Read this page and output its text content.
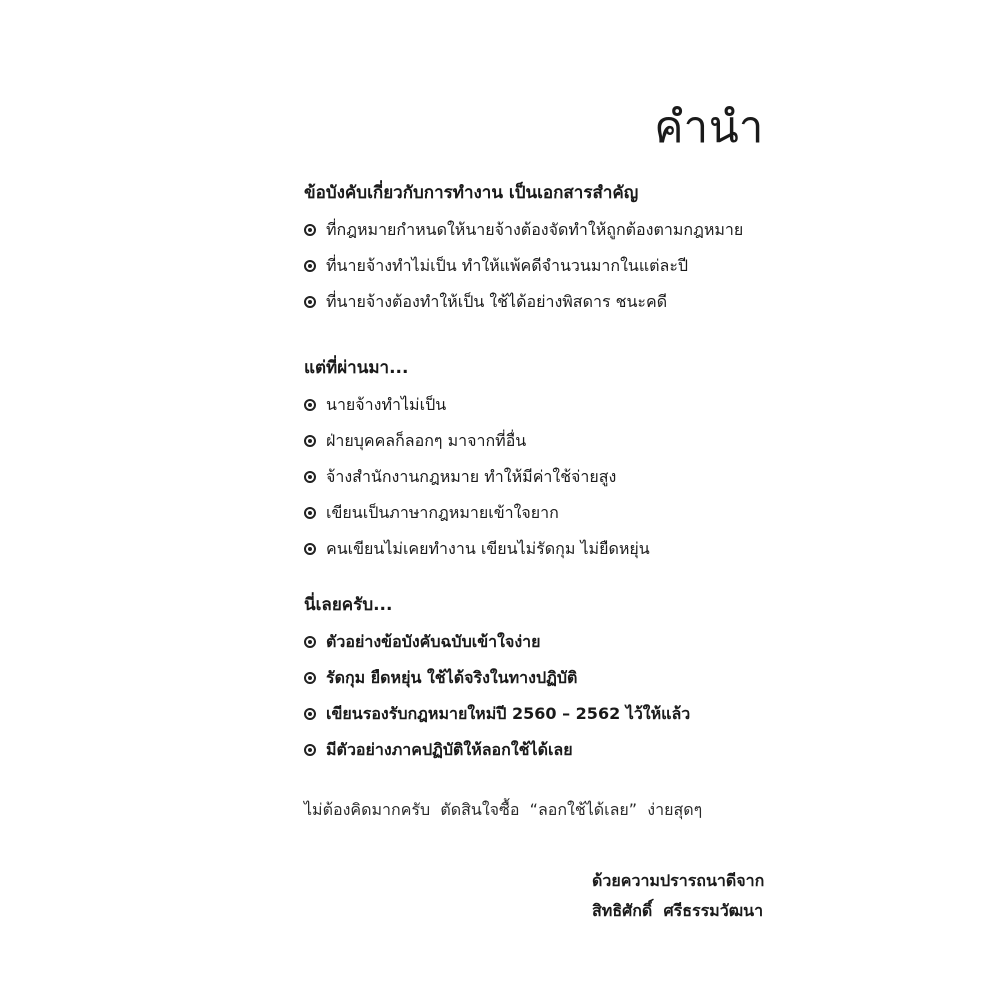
คำนำ
ข้อบังคับเกี่ยวกับการทำงาน เป็นเอกสารสำคัญ
ที่กฎหมายกำหนดให้นายจ้างต้องจัดทำให้ถูกต้องตามกฎหมาย
ที่นายจ้างทำไม่เป็น ทำให้แพ้คดีจำนวนมากในแต่ละปี
ที่นายจ้างต้องทำให้เป็น ใช้ได้อย่างพิสดาร ชนะคดี
แต่ที่ผ่านมา...
นายจ้างทำไม่เป็น
ฝ่ายบุคคลก็ลอกๆ มาจากที่อื่น
จ้างสำนักงานกฎหมาย ทำให้มีค่าใช้จ่ายสูง
เขียนเป็นภาษากฎหมายเข้าใจยาก
คนเขียนไม่เคยทำงาน เขียนไม่รัดกุม ไม่ยืดหยุ่น
นี่เลยครับ...
ตัวอย่างข้อบังคับฉบับเข้าใจง่าย
รัดกุม ยืดหยุ่น ใช้ได้จริงในทางปฏิบัติ
เขียนรองรับกฎหมายใหม่ปี 2560 – 2562 ไว้ให้แล้ว
มีตัวอย่างภาคปฏิบัติให้ลอกใช้ได้เลย
ไม่ต้องคิดมากครับ  ตัดสินใจซื้อ  “ลอกใช้ได้เลย”  ง่ายสุดๆ
ด้วยความปรารถนาดีจาก
สิทธิศักดิ์  ศรีธรรมวัฒนา
